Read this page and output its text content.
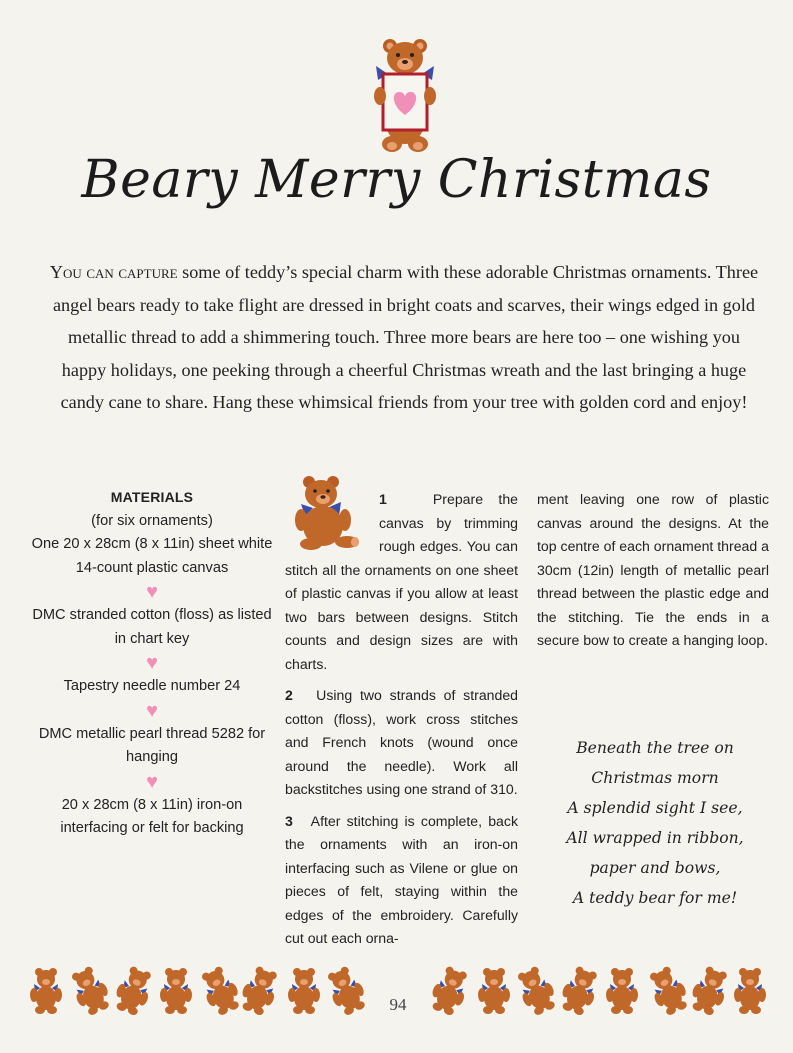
Beary Merry Christmas
You can capture some of teddy’s special charm with these adorable Christmas ornaments. Three angel bears ready to take flight are dressed in bright coats and scarves, their wings edged in gold metallic thread to add a shimmering touch. Three more bears are here too – one wishing you happy holidays, one peeking through a cheerful Christmas wreath and the last bringing a huge candy cane to share. Hang these whimsical friends from your tree with golden cord and enjoy!
MATERIALS
(for six ornaments)
One 20 x 28cm (8 x 11in) sheet white 14-count plastic canvas
♥
DMC stranded cotton (floss) as listed in chart key
♥
Tapestry needle number 24
♥
DMC metallic pearl thread 5282 for hanging
♥
20 x 28cm (8 x 11in) iron-on interfacing or felt for backing

1	Prepare the canvas by trimming rough edges. You can stitch all the ornaments on one sheet of plastic canvas if you allow at least two bars between designs. Stitch counts and design sizes are with charts.

2 Using two strands of stranded cotton (floss), work cross stitches and French knots (wound once around the needle). Work all backstitches using one strand of 310.

3 After stitching is complete, back the ornaments with an iron-on interfacing such as Vilene or glue on pieces of felt, staying within the edges of the embroidery. Carefully cut out each orna-

ment leaving one row of plastic canvas around the designs. At the top centre of each ornament thread a 30cm (12in) length of metallic pearl thread between the plastic edge and the stitching. Tie the ends in a secure bow to create a hanging loop.

Beneath the tree on
Christmas morn
A splendid sight I see,
All wrapped in ribbon,
paper and bows,
A teddy bear for me!
94
